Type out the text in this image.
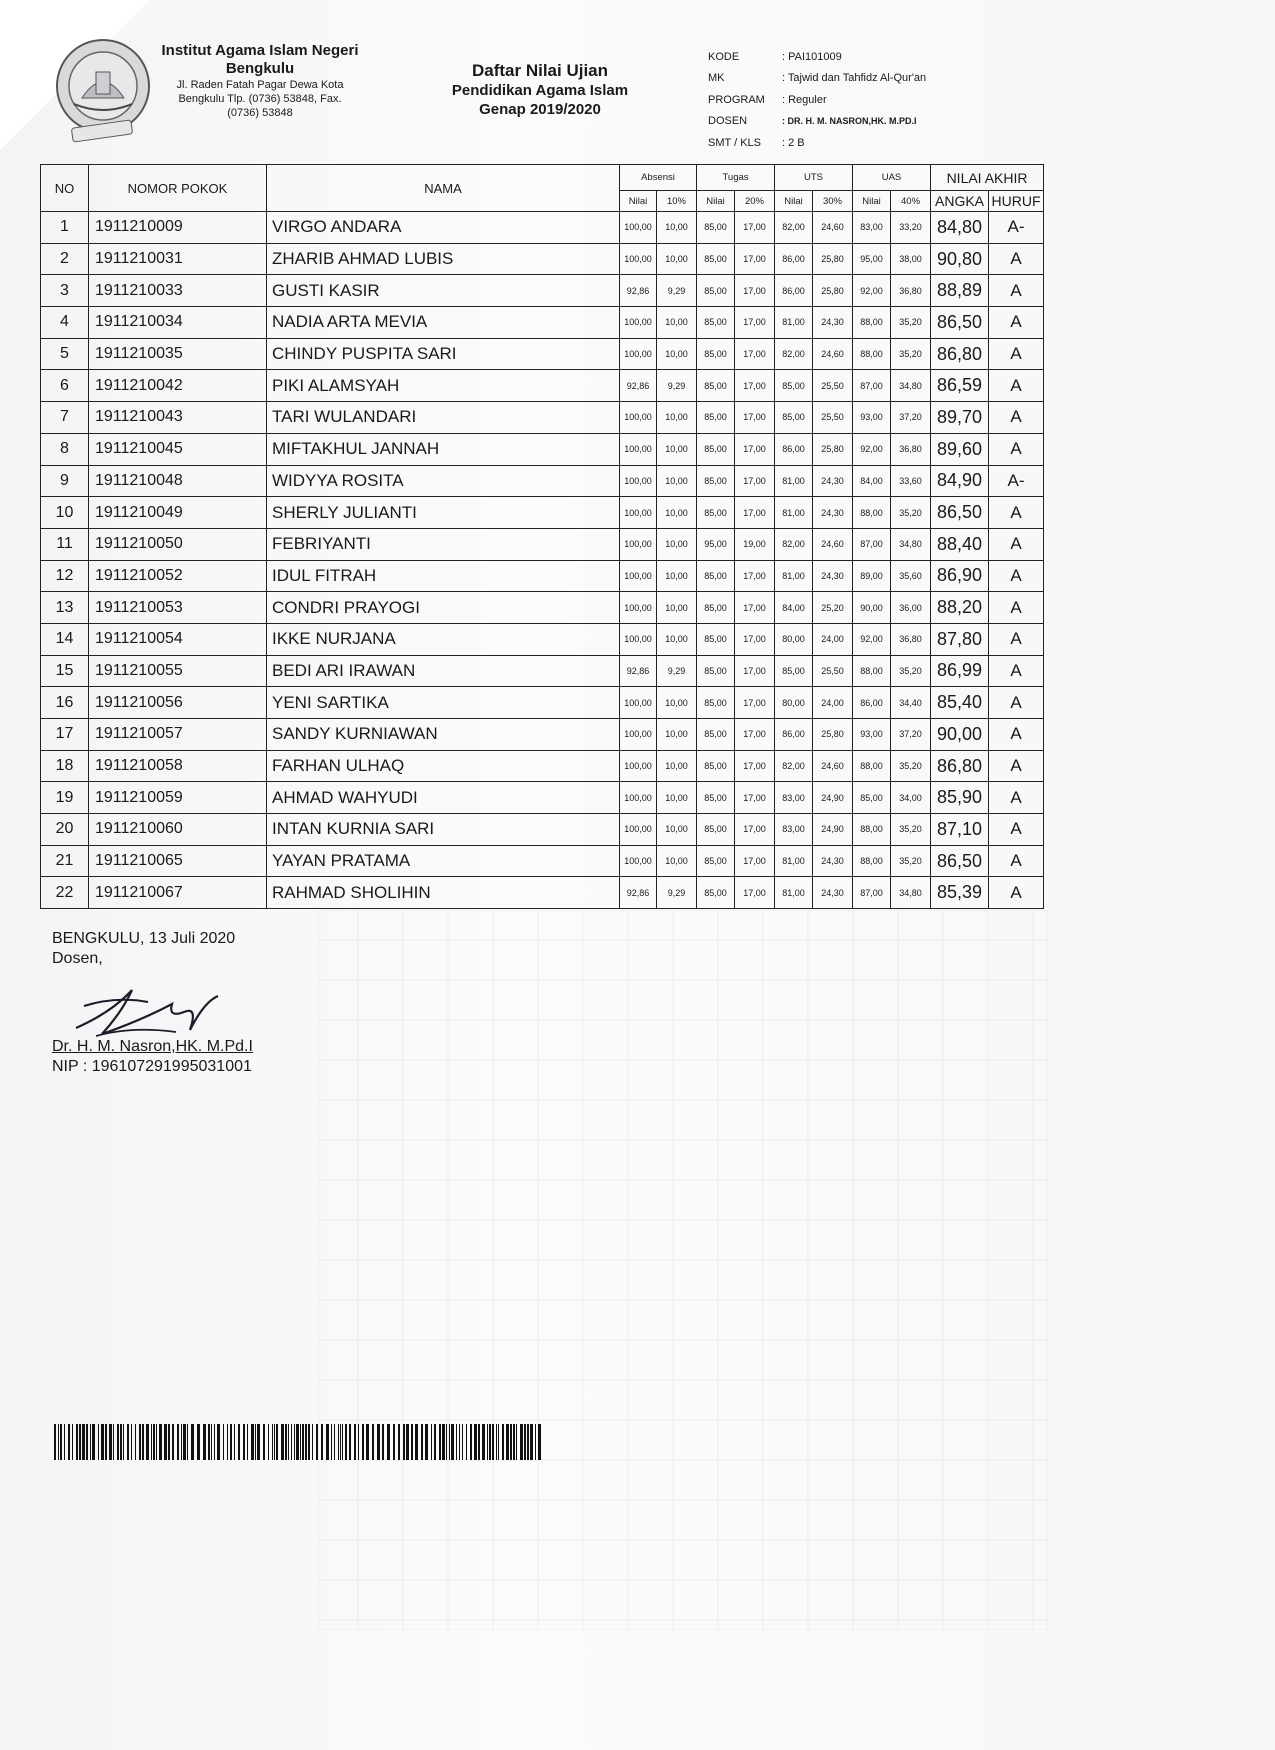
Institut Agama Islam Negeri
Bengkulu
Jl. Raden Fatah Pagar Dewa Kota
Bengkulu Tlp. (0736) 53848, Fax.
(0736) 53848
Daftar Nilai Ujian
Pendidikan Agama Islam
Genap 2019/2020
KODE	: PAI101009
MK	: Tajwid dan Tahfidz Al-Qur'an
PROGRAM	: Reguler
DOSEN	: DR. H. M. NASRON,HK. M.PD.I
SMT / KLS	: 2 B
NO	NOMOR POKOK	NAMA	Absensi		Tugas		UTS		UAS		NILAI AKHIR	
			Nilai	10%	Nilai	20%	Nilai	30%	Nilai	40%	ANGKA	HURUF
1	1911210009	VIRGO ANDARA	100,00	10,00	85,00	17,00	82,00	24,60	83,00	33,20	84,80	A-
2	1911210031	ZHARIB AHMAD LUBIS	100,00	10,00	85,00	17,00	86,00	25,80	95,00	38,00	90,80	A
3	1911210033	GUSTI KASIR	92,86	9,29	85,00	17,00	86,00	25,80	92,00	36,80	88,89	A
4	1911210034	NADIA ARTA MEVIA	100,00	10,00	85,00	17,00	81,00	24,30	88,00	35,20	86,50	A
5	1911210035	CHINDY PUSPITA SARI	100,00	10,00	85,00	17,00	82,00	24,60	88,00	35,20	86,80	A
6	1911210042	PIKI ALAMSYAH	92,86	9,29	85,00	17,00	85,00	25,50	87,00	34,80	86,59	A
7	1911210043	TARI WULANDARI	100,00	10,00	85,00	17,00	85,00	25,50	93,00	37,20	89,70	A
8	1911210045	MIFTAKHUL JANNAH	100,00	10,00	85,00	17,00	86,00	25,80	92,00	36,80	89,60	A
9	1911210048	WIDYYA ROSITA	100,00	10,00	85,00	17,00	81,00	24,30	84,00	33,60	84,90	A-
10	1911210049	SHERLY JULIANTI	100,00	10,00	85,00	17,00	81,00	24,30	88,00	35,20	86,50	A
11	1911210050	FEBRIYANTI	100,00	10,00	95,00	19,00	82,00	24,60	87,00	34,80	88,40	A
12	1911210052	IDUL FITRAH	100,00	10,00	85,00	17,00	81,00	24,30	89,00	35,60	86,90	A
13	1911210053	CONDRI PRAYOGI	100,00	10,00	85,00	17,00	84,00	25,20	90,00	36,00	88,20	A
14	1911210054	IKKE NURJANA	100,00	10,00	85,00	17,00	80,00	24,00	92,00	36,80	87,80	A
15	1911210055	BEDI ARI IRAWAN	92,86	9,29	85,00	17,00	85,00	25,50	88,00	35,20	86,99	A
16	1911210056	YENI SARTIKA	100,00	10,00	85,00	17,00	80,00	24,00	86,00	34,40	85,40	A
17	1911210057	SANDY KURNIAWAN	100,00	10,00	85,00	17,00	86,00	25,80	93,00	37,20	90,00	A
18	1911210058	FARHAN ULHAQ	100,00	10,00	85,00	17,00	82,00	24,60	88,00	35,20	86,80	A
19	1911210059	AHMAD WAHYUDI	100,00	10,00	85,00	17,00	83,00	24,90	85,00	34,00	85,90	A
20	1911210060	INTAN KURNIA SARI	100,00	10,00	85,00	17,00	83,00	24,90	88,00	35,20	87,10	A
21	1911210065	YAYAN PRATAMA	100,00	10,00	85,00	17,00	81,00	24,30	88,00	35,20	86,50	A
22	1911210067	RAHMAD SHOLIHIN	92,86	9,29	85,00	17,00	81,00	24,30	87,00	34,80	85,39	A
BENGKULU, 13 Juli 2020
Dosen,
Dr. H. M. Nasron,HK. M.Pd.I
NIP : 196107291995031001
